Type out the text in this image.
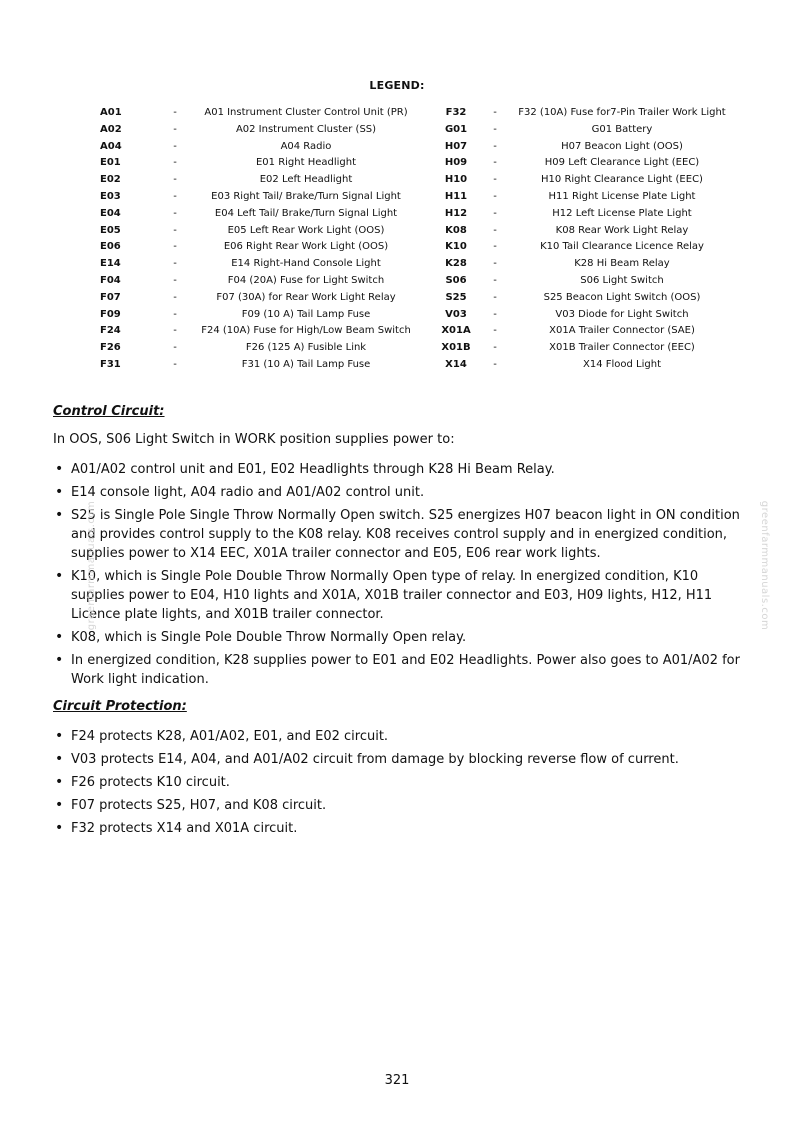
LEGEND:
A01	-	A01 Instrument Cluster Control Unit (PR)	F32	-	F32 (10A) Fuse for7-Pin Trailer Work Light
A02	-	A02 Instrument Cluster (SS)	G01	-	G01 Battery
A04	-	A04 Radio	H07	-	H07 Beacon Light (OOS)
E01	-	E01 Right Headlight	H09	-	H09 Left Clearance Light (EEC)
E02	-	E02 Left Headlight	H10	-	H10 Right Clearance Light (EEC)
E03	-	E03 Right Tail/ Brake/Turn Signal Light	H11	-	H11 Right License Plate Light
E04	-	E04 Left Tail/ Brake/Turn Signal Light	H12	-	H12 Left License Plate Light
E05	-	E05 Left Rear Work Light (OOS)	K08	-	K08 Rear Work Light Relay
E06	-	E06 Right Rear Work Light (OOS)	K10	-	K10 Tail Clearance Licence Relay
E14	-	E14 Right-Hand Console Light	K28	-	K28 Hi Beam Relay
F04	-	F04 (20A) Fuse for Light Switch	S06	-	S06 Light Switch
F07	-	F07 (30A) for Rear Work Light Relay	S25	-	S25 Beacon Light Switch (OOS)
F09	-	F09 (10 A) Tail Lamp Fuse	V03	-	V03 Diode for Light Switch
F24	-	F24 (10A) Fuse for High/Low Beam Switch	X01A	-	X01A Trailer Connector (SAE)
F26	-	F26 (125 A) Fusible Link	X01B	-	X01B Trailer Connector (EEC)
F31	-	F31 (10 A) Tail Lamp Fuse	X14	-	X14 Flood Light
Control Circuit:

In OOS, S06 Light Switch in WORK position supplies power to:

• A01/A02 control unit and E01, E02 Headlights through K28 Hi Beam Relay.
• E14 console light, A04 radio and A01/A02 control unit.
• S25 is Single Pole Single Throw Normally Open switch. S25 energizes H07 beacon light in ON condition and provides control supply to the K08 relay. K08 receives control supply and in energized condition, supplies power to X14 EEC, X01A trailer connector and E05, E06 rear work lights.
• K10, which is Single Pole Double Throw Normally Open type of relay. In energized condition, K10 supplies power to E04, H10 lights and X01A, X01B trailer connector and E03, H09 lights, H12, H11 Licence plate lights, and X01B trailer connector.
• K08, which is Single Pole Double Throw Normally Open relay.
• In energized condition, K28 supplies power to E01 and E02 Headlights. Power also goes to A01/A02 for Work light indication.
Circuit Protection:
• F24 protects K28, A01/A02, E01, and E02 circuit.
• V03 protects E14, A04, and A01/A02 circuit from damage by blocking reverse flow of current.
• F26 protects K10 circuit.
• F07 protects S25, H07, and K08 circuit.
• F32 protects X14 and X01A circuit.
greenfarmmanuals.com	greenfarmmanuals.com
321
